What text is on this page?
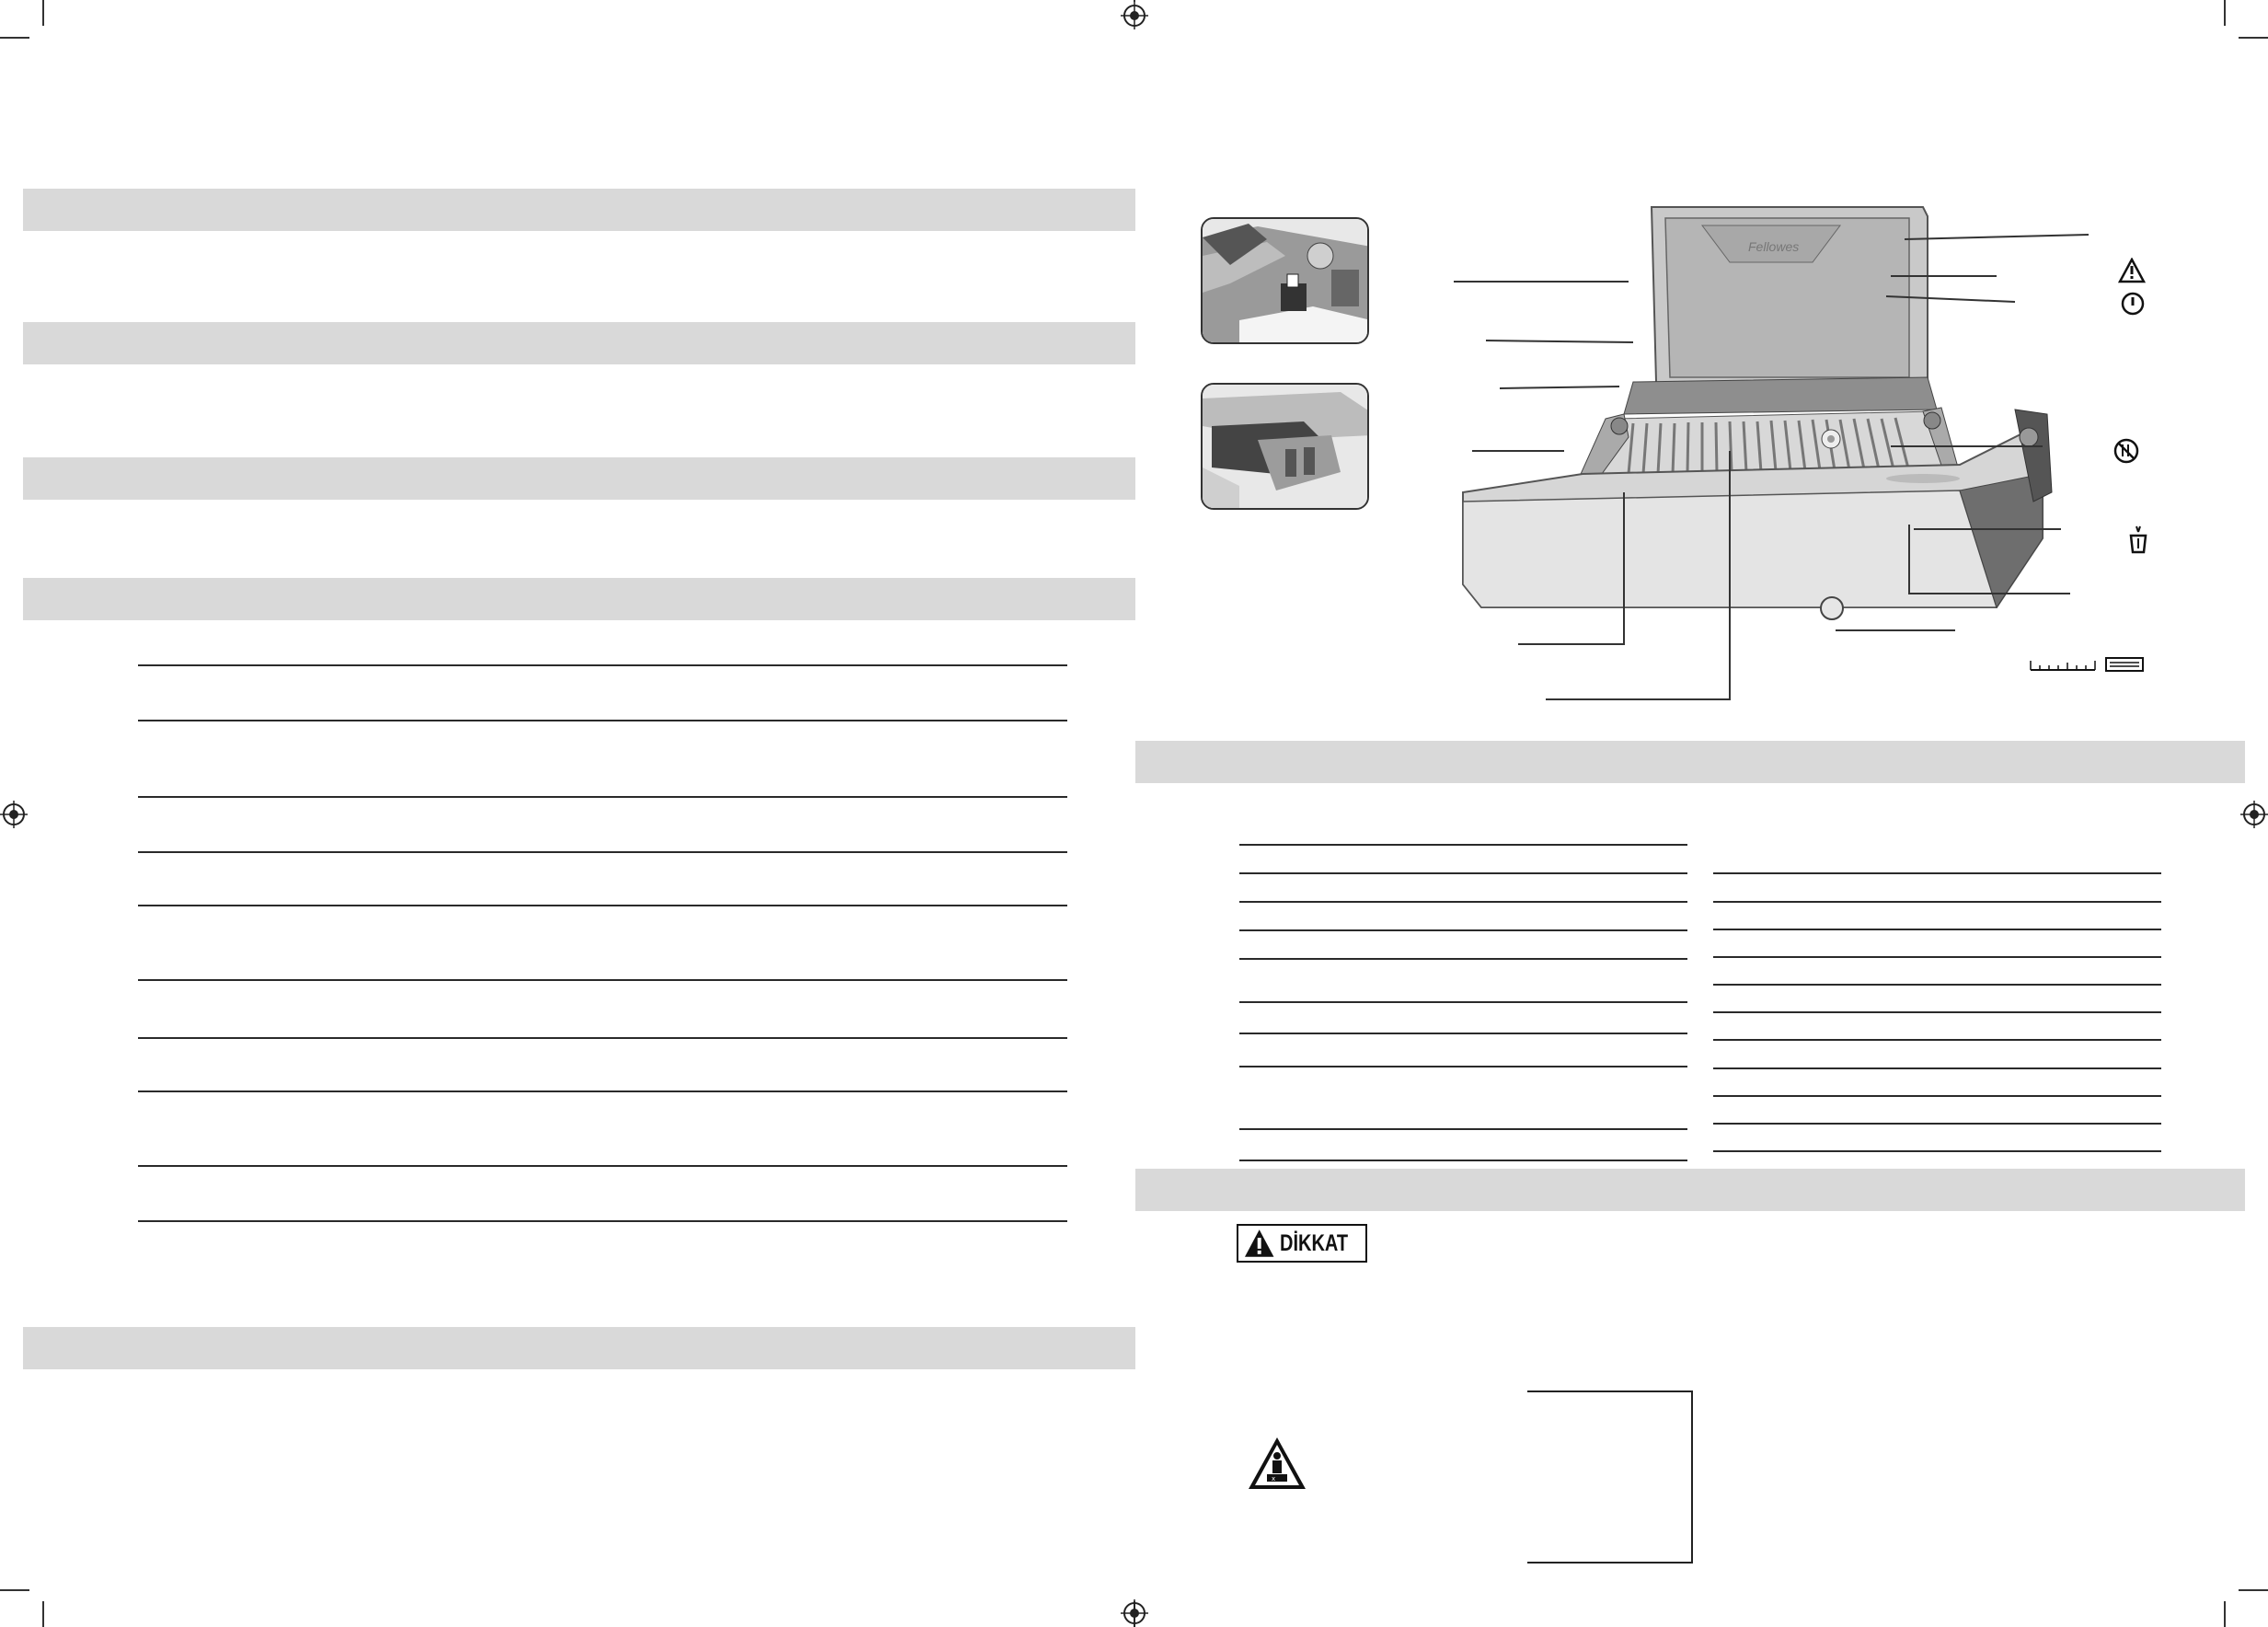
DİKKAT
x
Fellowes
